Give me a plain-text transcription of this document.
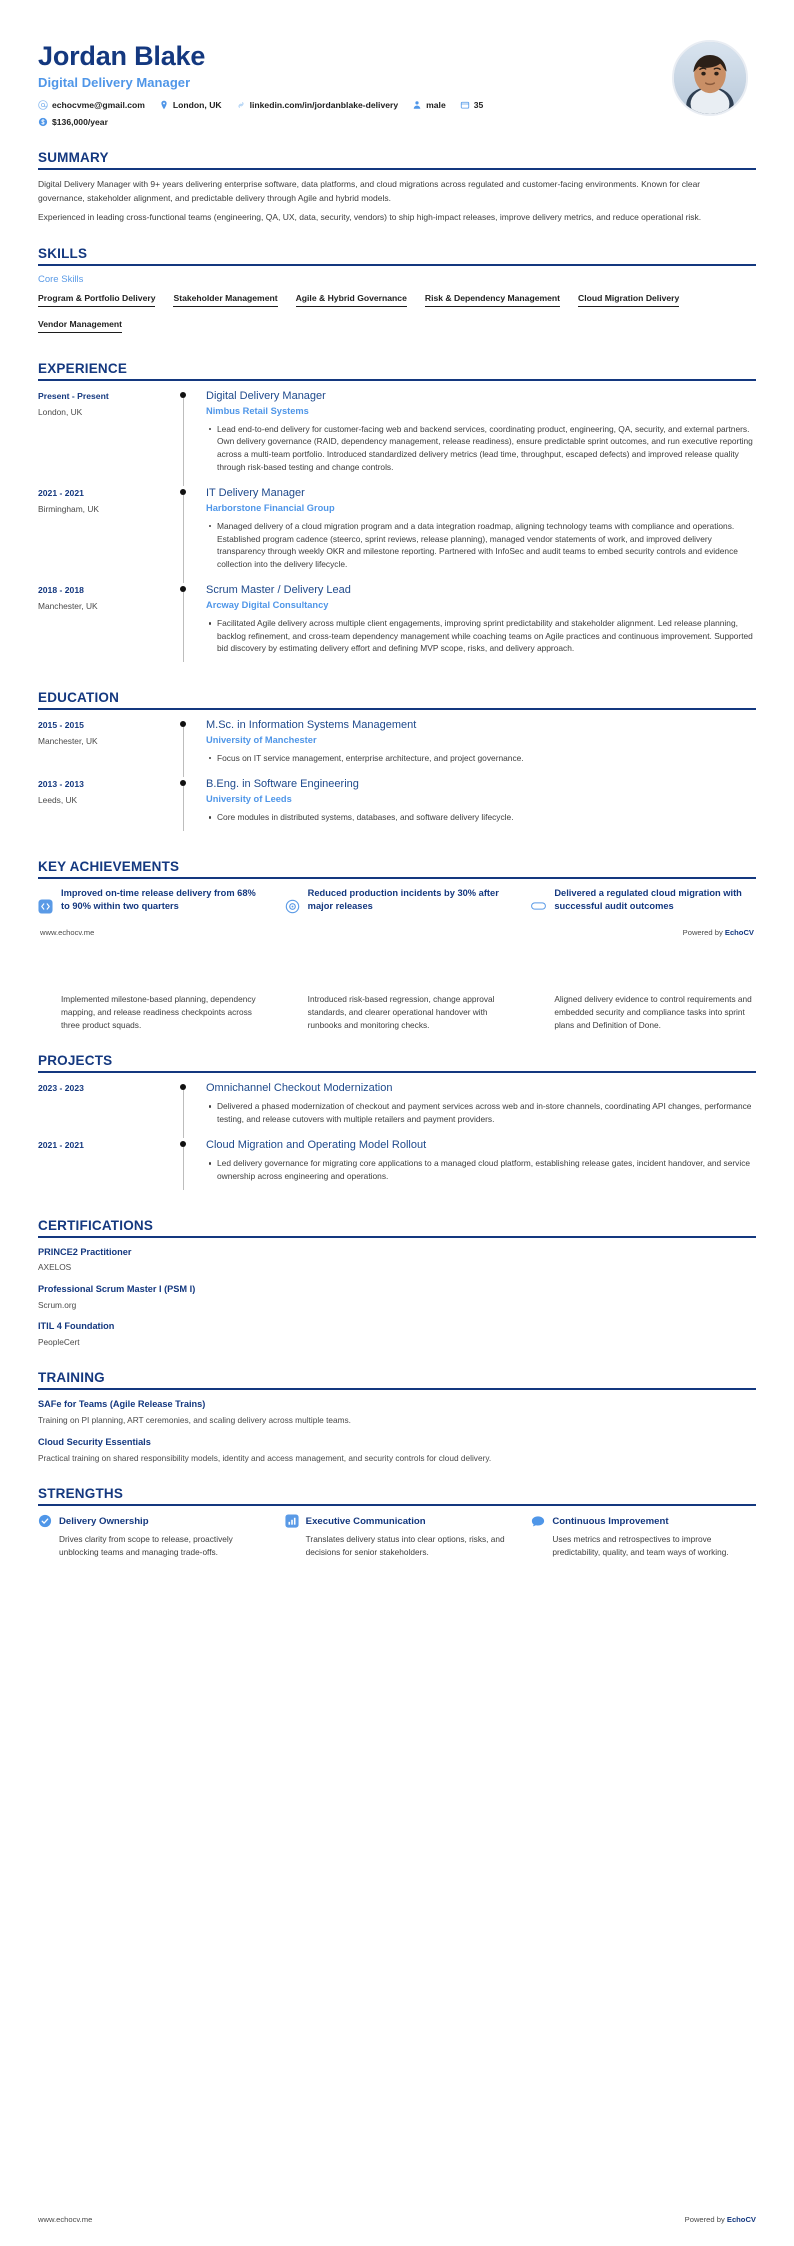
Jordan Blake
Digital Delivery Manager
echocvme@gmail.com	London, UK	linkedin.com/in/jordanblake-delivery	male	35
$136,000/year
SUMMARY

Digital Delivery Manager with 9+ years delivering enterprise software, data platforms, and cloud migrations across regulated and customer-facing environments. Known for clear governance, stakeholder alignment, and predictable delivery through Agile and hybrid models.

Experienced in leading cross-functional teams (engineering, QA, UX, data, security, vendors) to ship high-impact releases, improve delivery metrics, and reduce operational risk.

SKILLS
Core Skills
Program & Portfolio Delivery Stakeholder Management Agile & Hybrid Governance Risk & Dependency Management Cloud Migration Delivery
Vendor Management
EXPERIENCE
Present - Present
London, UK
Digital Delivery Manager
Nimbus Retail Systems
Lead end-to-end delivery for customer-facing web and backend services, coordinating product, engineering, QA, security, and external partners. Own delivery governance (RAID, dependency management, release readiness), ensure predictable sprint outcomes, and run executive reporting across a multi-team portfolio. Introduced standardized delivery metrics (lead time, throughput, escaped defects) and improved release quality through risk-based testing and change controls.
2021 - 2021
Birmingham, UK
IT Delivery Manager
Harborstone Financial Group
Managed delivery of a cloud migration program and a data integration roadmap, aligning technology teams with compliance and operations. Established program cadence (steerco, sprint reviews, release planning), managed vendor statements of work, and improved delivery transparency through weekly OKR and milestone reporting. Partnered with InfoSec and audit teams to embed security controls and evidence collection into the delivery lifecycle.
2018 - 2018
Manchester, UK
Scrum Master / Delivery Lead
Arcway Digital Consultancy
Facilitated Agile delivery across multiple client engagements, improving sprint predictability and stakeholder alignment. Led release planning, backlog refinement, and cross-team dependency management while coaching teams on Agile practices and continuous improvement. Supported bid discovery by estimating delivery effort and defining MVP scope, risks, and delivery approach.
EDUCATION
2015 - 2015
Manchester, UK
M.Sc. in Information Systems Management
University of Manchester
Focus on IT service management, enterprise architecture, and project governance.
2013 - 2013
Leeds, UK
B.Eng. in Software Engineering
University of Leeds
Core modules in distributed systems, databases, and software delivery lifecycle.
KEY ACHIEVEMENTS
Improved on-time release delivery from 68% to 90% within two quarters
Reduced production incidents by 30% after major releases
Delivered a regulated cloud migration with successful audit outcomes
www.echocv.me	Powered by EchoCV
Implemented milestone-based planning, dependency mapping, and release readiness checkpoints across three product squads.
Introduced risk-based regression, change approval standards, and clearer operational handover with runbooks and monitoring checks.
Aligned delivery evidence to control requirements and embedded security and compliance tasks into sprint plans and Definition of Done.
PROJECTS
2023 - 2023	Omnichannel Checkout Modernization
Delivered a phased modernization of checkout and payment services across web and in-store channels, coordinating API changes, performance testing, and release cutovers with multiple retailers and payment providers.
2021 - 2021	Cloud Migration and Operating Model Rollout
Led delivery governance for migrating core applications to a managed cloud platform, establishing release gates, incident handover, and service ownership across engineering and operations.
CERTIFICATIONS
PRINCE2 Practitioner
AXELOS
Professional Scrum Master I (PSM I)
Scrum.org
ITIL 4 Foundation
PeopleCert
TRAINING
SAFe for Teams (Agile Release Trains)
Training on PI planning, ART ceremonies, and scaling delivery across multiple teams.
Cloud Security Essentials
Practical training on shared responsibility models, identity and access management, and security controls for cloud delivery.
STRENGTHS
Delivery Ownership
Drives clarity from scope to release, proactively unblocking teams and managing trade-offs.
Executive Communication
Translates delivery status into clear options, risks, and decisions for senior stakeholders.
Continuous Improvement
Uses metrics and retrospectives to improve predictability, quality, and team ways of working.
www.echocv.me	Powered by EchoCV
